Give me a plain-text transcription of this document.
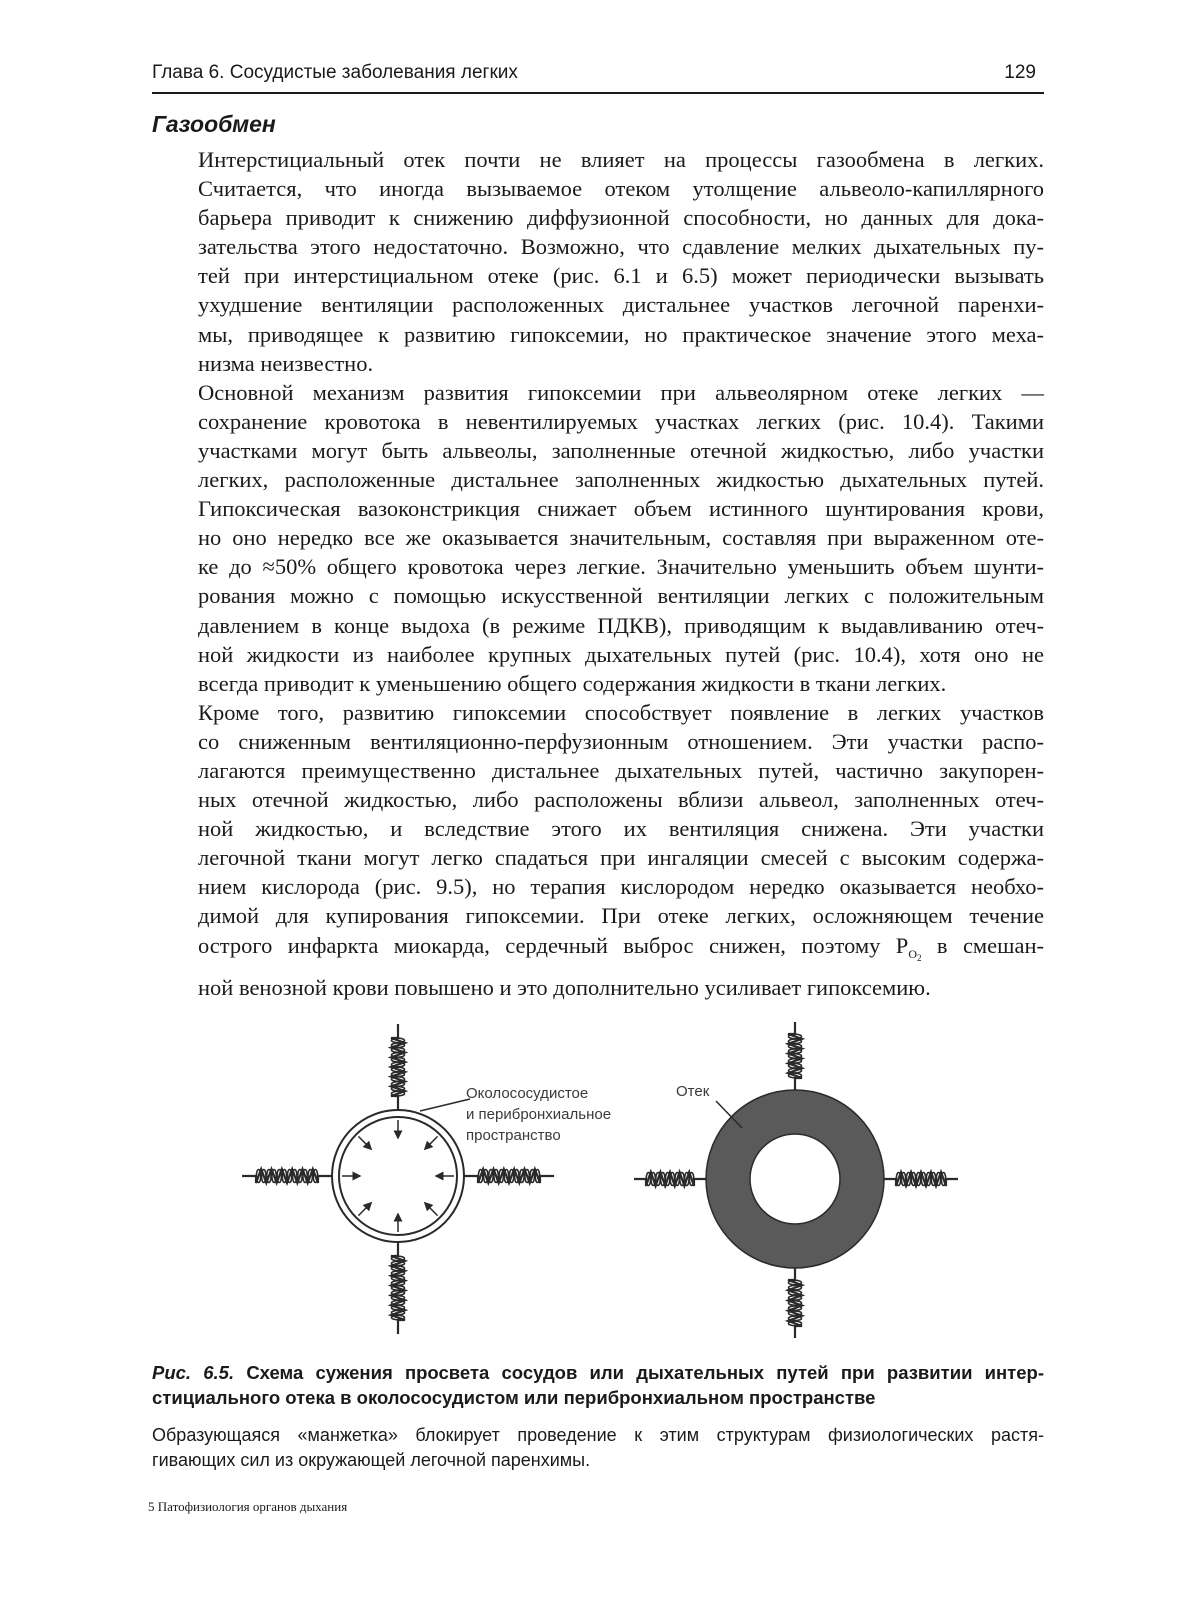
Глава 6. Сосудистые заболевания легких	129
Газообмен

Интерстициальный отек почти не влияет на процессы газообмена в легких.
Считается, что иногда вызываемое отеком утолщение альвеоло-капиллярного
барьера приводит к снижению диффузионной способности, но данных для дока-
зательства этого недостаточно. Возможно, что сдавление мелких дыхательных пу-
тей при интерстициальном отеке (рис. 6.1 и 6.5) может периодически вызывать
ухудшение вентиляции расположенных дистальнее участков легочной паренхи-
мы, приводящее к развитию гипоксемии, но практическое значение этого меха-
низма неизвестно.

Основной механизм развития гипоксемии при альвеолярном отеке легких —
сохранение кровотока в невентилируемых участках легких (рис. 10.4). Такими
участками могут быть альвеолы, заполненные отечной жидкостью, либо участки
легких, расположенные дистальнее заполненных жидкостью дыхательных путей.
Гипоксическая вазоконстрикция снижает объем истинного шунтирования крови,
но оно нередко все же оказывается значительным, составляя при выраженном оте-
ке до ≈50% общего кровотока через легкие. Значительно уменьшить объем шунти-
рования можно с помощью искусственной вентиляции легких с положительным
давлением в конце выдоха (в режиме ПДКВ), приводящим к выдавливанию отеч-
ной жидкости из наиболее крупных дыхательных путей (рис. 10.4), хотя оно не
всегда приводит к уменьшению общего содержания жидкости в ткани легких.

Кроме того, развитию гипоксемии способствует появление в легких участков
со сниженным вентиляционно-перфузионным отношением. Эти участки распо-
лагаются преимущественно дистальнее дыхательных путей, частично закупорен-
ных отечной жидкостью, либо расположены вблизи альвеол, заполненных отеч-
ной жидкостью, и вследствие этого их вентиляция снижена. Эти участки
легочной ткани могут легко спадаться при ингаляции смесей с высоким содержа-
нием кислорода (рис. 9.5), но терапия кислородом нередко оказывается необхо-
димой для купирования гипоксемии. При отеке легких, осложняющем течение
острого инфаркта миокарда, сердечный выброс снижен, поэтому $P_{O_2}$ в смешан-
ной венозной крови повышено и это дополнительно усиливает гипоксемию.

Околососудистое
и перибронхиальное
пространство
Отек
Рис. 6.5. Схема сужения просвета сосудов или дыхательных путей при развитии интер-
стициального отека в околососудистом или перибронхиальном пространстве
Образующаяся «манжетка» блокирует проведение к этим структурам физиологических растя-
гивающих сил из окружающей легочной паренхимы.
5 Патофизиология органов дыхания
